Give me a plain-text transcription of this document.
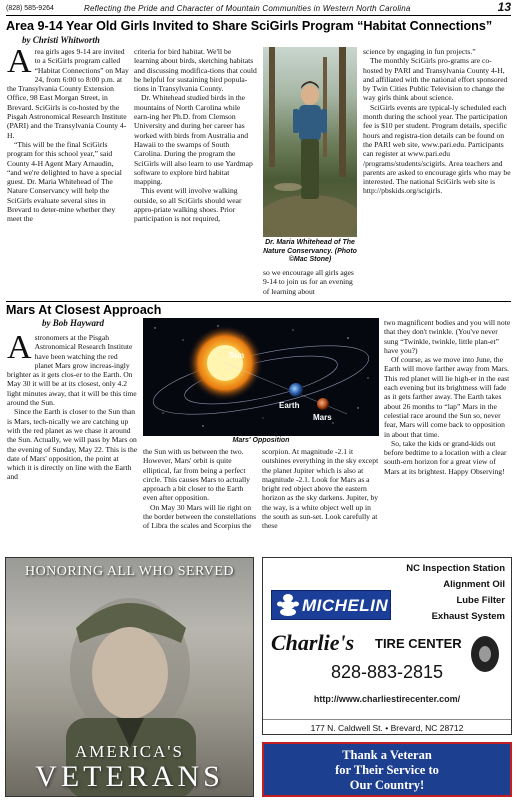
(828) 585-9264	Reflecting the Pride and Character of Mountain Communities in Western North Carolina	13
Area 9-14 Year Old Girls Invited to Share SciGirls Program “Habitat Connections”
by Christi Whitworth

Area girls ages 9-14 are invited to a SciGirls program called “Habitat Connections” on May 24, from 6:00 to 8:00 p.m. at the Transylvania County Extension Office, 98 East Morgan Street, in Brevard. SciGirls is co-hosted by the Pisgah Astronomical Research Institute (PARI) and the Transylvania County 4-H.

“This will be the final SciGirls program for this school year,” said County 4-H Agent Mary Arnaudin, “and we're delighted to have a special guest. Dr. Maria Whitehead of The Nature Conservancy will help the SciGirls evaluate several sites in Brevard to deter-mine whether they meet the

criteria for bird habitat. We'll be learning about birds, sketching habitats and discussing modifica-tions that could be helpful for sustaining bird popula-tions in Transylvania County.

Dr. Whitehead studied birds in the mountains of North Carolina while earn-ing her Ph.D. from Clemson University and during her career has worked with birds from Australia and Hawaii to the swamps of South Carolina. During the program the SciGirls will also learn to use Yardmap software to explore bird habitat mapping.

This event will involve walking outside, so all SciGirls should wear appro-priate walking shoes. Prior participation is not required,

Dr. Maria Whitehead of The Nature Conservancy. (Photo ©Mac Stone)

so we encourage all girls ages 9-14 to join us for an evening of learning about

science by engaging in fun projects.”

The monthly SciGirls pro-grams are co-hosted by PARI and Transylvania County 4-H, and affiliated with the national effort sponsored by Twin Cities Public Television to change the way girls think about science.

SciGirls events are typical-ly scheduled each month during the school year. The participation fee is $10 per student. Program details, specific hours and registra-tion details can be found on the PARI web site, www.pari.edu. Participants can register at www.pari.edu /programs/students/scigirls. Area teachers and parents are asked to encourage girls who may be interested. The national SciGirls web site is http://pbskids.org/scigirls.

Mars At Closest Approach
by Bob Hayward

Astronomers at the Pisgah Astronomical Research Institute have been watching the red planet Mars grow increas-ingly brighter as it gets clos-er to the Earth. On May 30 it will be at its closest, only 4.2 light minutes away, that it will be this time around the Sun.

Since the Earth is closer to the Sun than is Mars, tech-nically we are catching up with the red planet as we chase it around the Sun. Actually, we will pass by Mars on the evening of Sunday, May 22. This is the date of Mars' opposition, the point at which it is directly on line with the Earth and

Sun
Earth
Mars
Mars' Opposition

the Sun with us between the two. However, Mars' orbit is quite elliptical, far from being a perfect circle. This causes Mars to actually approach a bit closer to the Earth even after opposition.

On May 30 Mars will lie right on the border between the constellations of Libra the scales and Scorpius the

scorpion. At magnitude -2.1 it outshines everything in the sky except the planet Jupiter which is also at magnitude -2.1. Look for Mars as a bright red object above the eastern horizon as the sky darkens. Jupiter, by the way, is a white object well up in the south as sun-set. Look carefully at these

two magnificent bodies and you will note that they don't twinkle. (You've never sung “Twinkle, twinkle, little plan-et” have you?)

Of course, as we move into June, the Earth will move farther away from Mars. This red planet will lie high-er in the east each evening but its brightness will fade as it gets farther away. The Earth takes about 26 months to “lap” Mars in the celestial race around the Sun so, never fear, Mars will come back to opposition in about that time.

So, take the kids or grand-kids out before bedtime to a location with a clear south-ern horizon for a great view of Mars at its brightest. Happy Observing!

HONORING ALL WHO SERVED
AMERICA'S
VETERANS
NC Inspection Station
Alignment Oil
Lube Filter
Exhaust System
MICHELIN
Charlie's TIRE CENTER
828-883-2815
http://www.charliestirecenter.com/
177 N. Caldwell St. • Brevard, NC 28712
Thank a Veteran
for Their Service to
Our Country!
